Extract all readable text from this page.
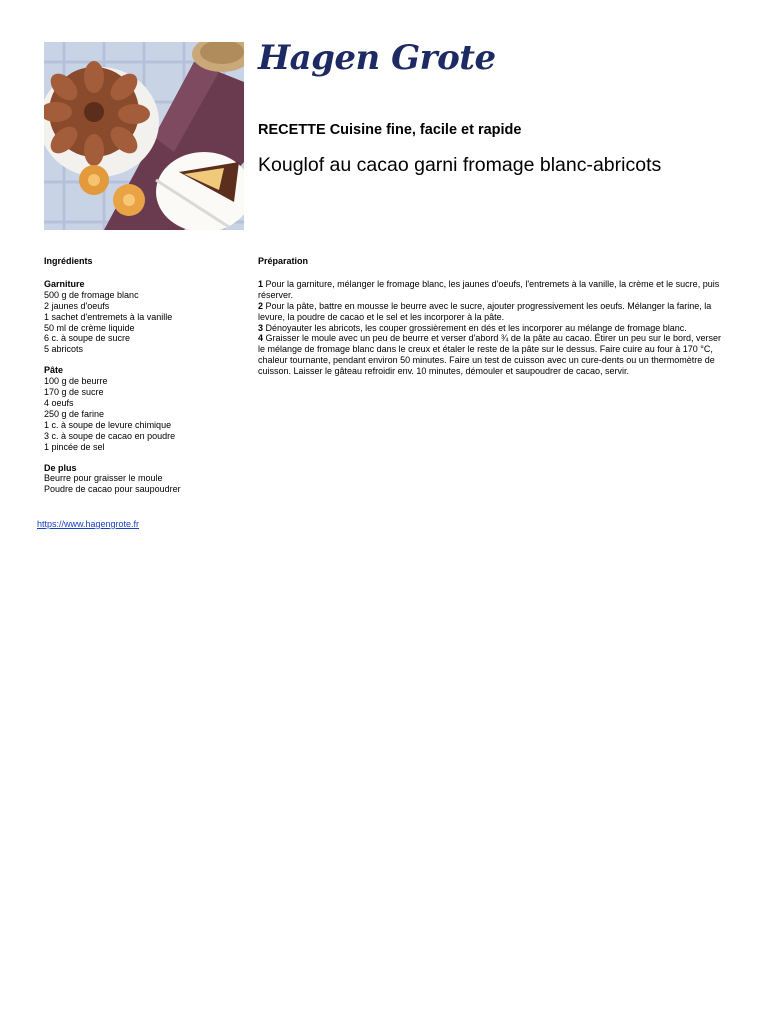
Hagen Grote
RECETTE Cuisine fine, facile et rapide
Kouglof au cacao garni fromage blanc-abricots
Ingrédients
Garniture
500 g de fromage blanc
2 jaunes d'oeufs
1 sachet d'entremets à la vanille
50 ml de crème liquide
6 c. à soupe de sucre
5 abricots
Pâte
100 g de beurre
170 g de sucre
4 oeufs
250 g de farine
1 c. à soupe de levure chimique
3 c. à soupe de cacao en poudre
1 pincée de sel
De plus
Beurre pour graisser le moule
Poudre de cacao pour saupoudrer
Préparation
1 Pour la garniture, mélanger le fromage blanc, les jaunes d'oeufs, l'entremets à la vanille, la crème et le sucre, puis réserver.
2 Pour la pâte, battre en mousse le beurre avec le sucre, ajouter progressivement les oeufs. Mélanger la farine, la levure, la poudre de cacao et le sel et les incorporer à la pâte.
3 Dénoyauter les abricots, les couper grossièrement en dés et les incorporer au mélange de fromage blanc.
4 Graisser le moule avec un peu de beurre et verser d'abord ¾ de la pâte au cacao. Étirer un peu sur le bord, verser le mélange de fromage blanc dans le creux et étaler le reste de la pâte sur le dessus. Faire cuire au four à 170 °C, chaleur tournante, pendant environ 50 minutes. Faire un test de cuisson avec un cure-dents ou un thermomètre de cuisson. Laisser le gâteau refroidir env. 10 minutes, démouler et saupoudrer de cacao, servir.
https://www.hagengrote.fr
